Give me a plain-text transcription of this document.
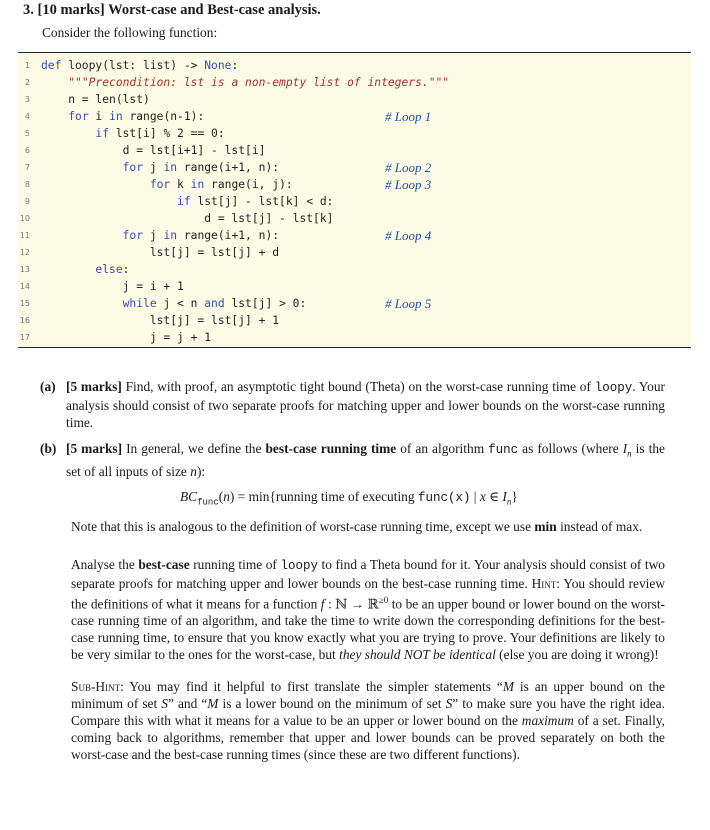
3. [10 marks] Worst-case and Best-case analysis.
Consider the following function:
1 def loopy(lst: list) -> None:
2	"""Precondition: lst is a non-empty list of integers."""
3 n = len(lst)
4	for i in range(n-1):	# Loop 1
5	if lst[i] % 2 == 0:
6 d = lst[i+1] - lst[i]
7	for j in range(i+1, n):	# Loop 2
8	for k in range(i, j):	# Loop 3
9	if lst[j] - lst[k] < d:
10 d = lst[j] - lst[k]
11	for j in range(i+1, n):	# Loop 4
12 lst[j] = lst[j] + d
13	else:
14 j = i + 1
15	while j < n and lst[j] > 0:	# Loop 5
16 lst[j] = lst[j] + 1
17 j = j + 1
(a) [5 marks] Find, with proof, an asymptotic tight bound (Theta) on the worst-case running time of loopy. Your analysis should consist of two separate proofs for matching upper and lower bounds on the worst-case running time.
(b) [5 marks] In general, we define the best-case running time of an algorithm func as follows (where $I_n$ is the set of all inputs of size n):
$BC_{func}(n)$ = min{running time of executing func(x) | x ∈ $I_n$}
Note that this is analogous to the definition of worst-case running time, except we use min instead of max.
Analyse the best-case running time of loopy to find a Theta bound for it. Your analysis should consist of two separate proofs for matching upper and lower bounds on the best-case running time. Hint: You should review the definitions of what it means for a function f : ℕ → ℝ$^{\ge 0}$ to be an upper bound or lower bound on the worst-case running time of an algorithm, and take the time to write down the corresponding definitions for the best-case running time, to ensure that you know exactly what you are trying to prove. Your definitions are likely to be very similar to the ones for the worst-case, but they should NOT be identical (else you are doing it wrong)!
Sub-Hint: You may find it helpful to first translate the simpler statements “M is an upper bound on the minimum of set S” and “M is a lower bound on the minimum of set S” to make sure you have the right idea. Compare this with what it means for a value to be an upper or lower bound on the maximum of a set. Finally, coming back to algorithms, remember that upper and lower bounds can be proved separately on both the worst-case and the best-case running times (since these are two different functions).
